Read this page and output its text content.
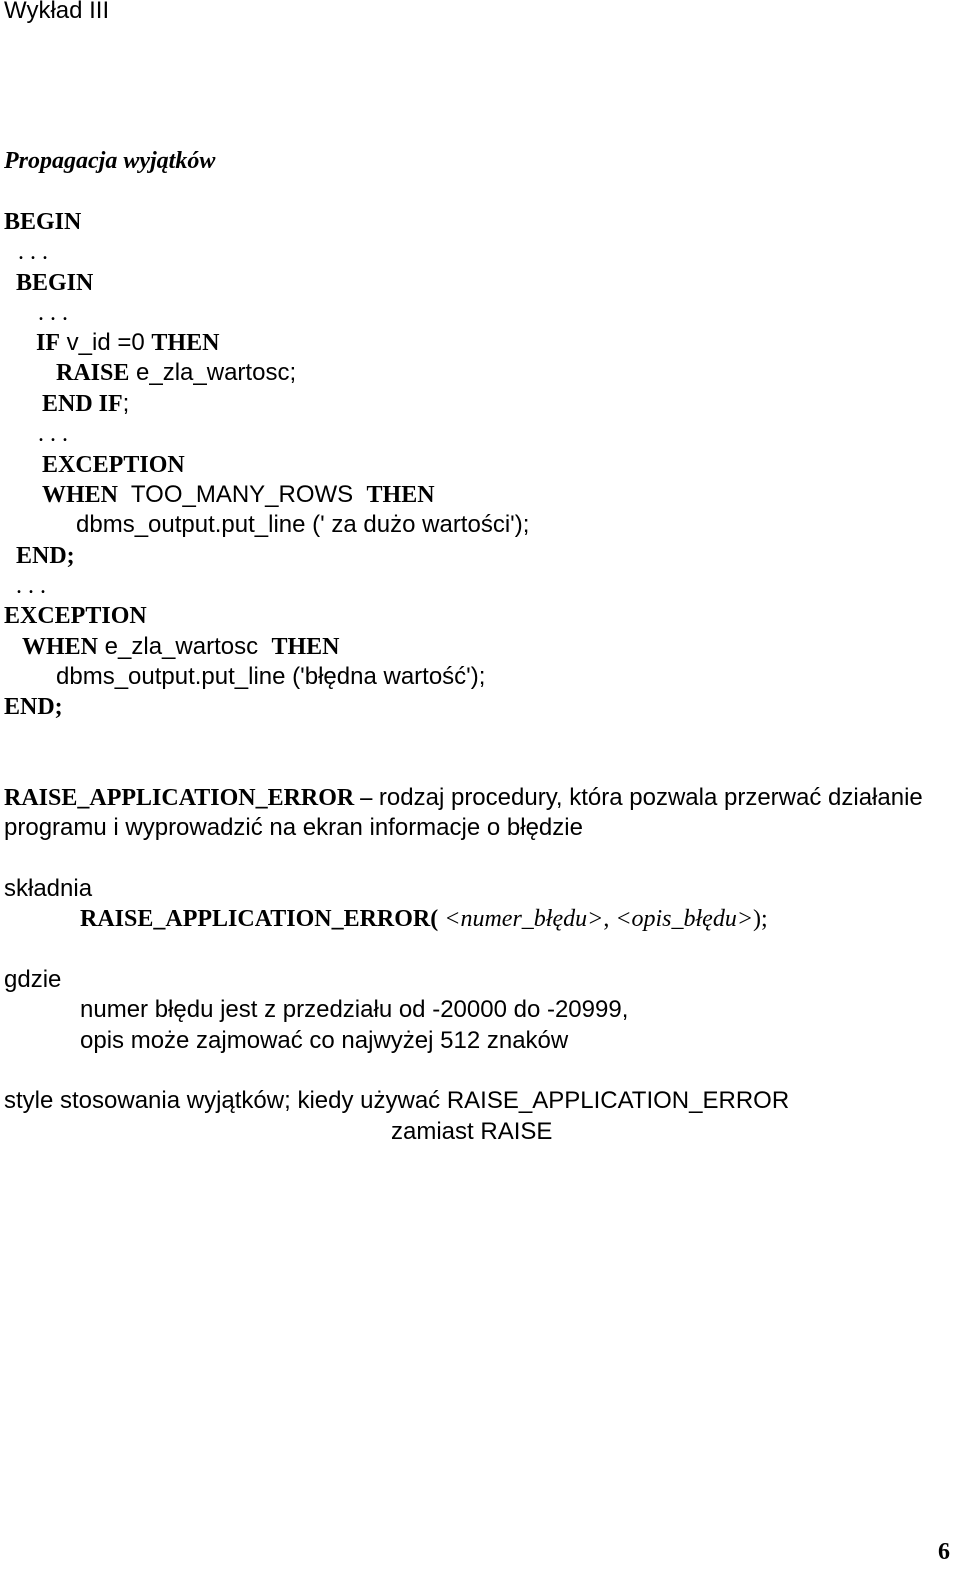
Wykład III
Propagacja wyjątków
BEGIN
. . .
BEGIN
. . .
IF v_id =0 THEN
RAISE e_zla_wartosc;
END IF;
. . .
EXCEPTION
WHEN  TOO_MANY_ROWS  THEN
dbms_output.put_line (' za dużo wartości');
END;
. . .
EXCEPTION
WHEN e_zla_wartosc  THEN
dbms_output.put_line ('błędna wartość');
END;
RAISE_APPLICATION_ERROR – rodzaj procedury, która pozwala przerwać działanie
programu i wyprowadzić na ekran informacje o błędzie
składnia
RAISE_APPLICATION_ERROR( <numer_błędu>, <opis_błędu>);
gdzie
numer błędu jest z przedziału od -20000 do -20999,
opis może zajmować co najwyżej 512 znaków
style stosowania wyjątków; kiedy używać RAISE_APPLICATION_ERROR
zamiast RAISE
6
